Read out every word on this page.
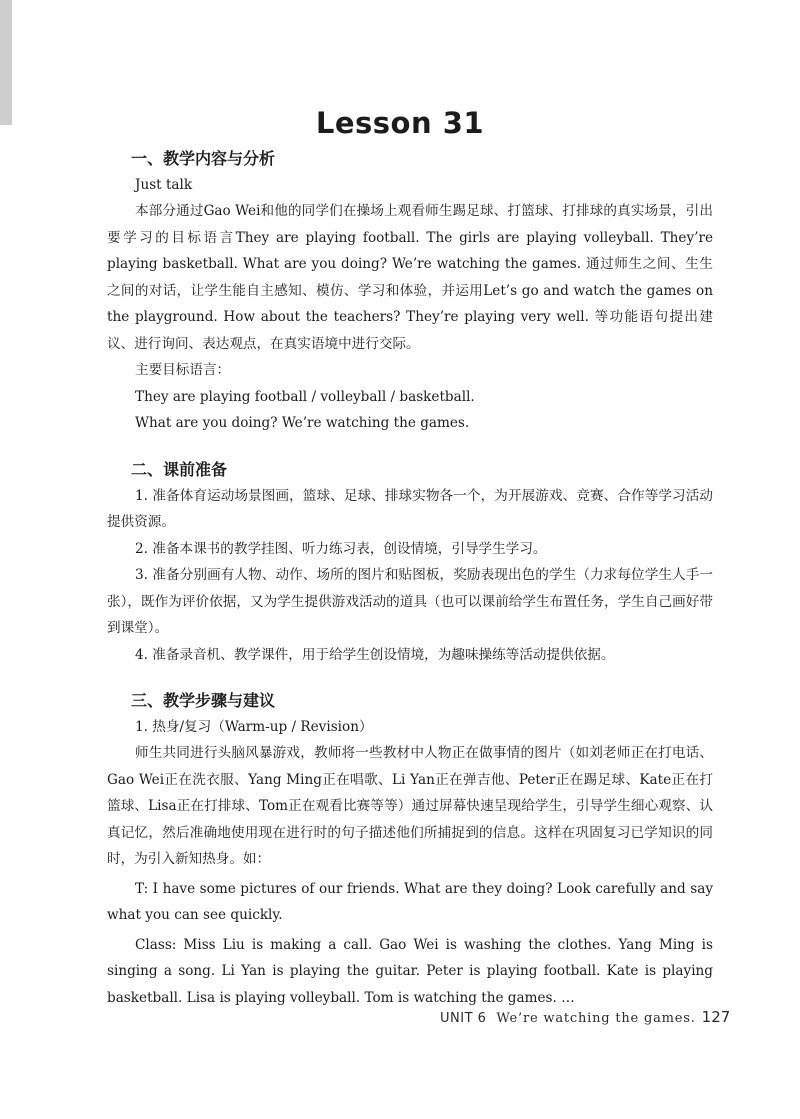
Lesson 31

一、教学内容与分析

Just talk

本部分通过Gao Wei和他的同学们在操场上观看师生踢足球、打篮球、打排球的真实场景，引出要学习的目标语言They are playing football. The girls are playing volleyball. They’re playing basketball. What are you doing? We’re watching the games. 通过师生之间、生生之间的对话，让学生能自主感知、模仿、学习和体验，并运用Let’s go and watch the games on the playground. How about the teachers? They’re playing very well. 等功能语句提出建议、进行询问、表达观点，在真实语境中进行交际。

主要目标语言：

They are playing football / volleyball / basketball.

What are you doing? We’re watching the games.

二、课前准备

1. 准备体育运动场景图画，篮球、足球、排球实物各一个，为开展游戏、竞赛、合作等学习活动提供资源。

2. 准备本课书的教学挂图、听力练习表，创设情境，引导学生学习。

3. 准备分别画有人物、动作、场所的图片和贴图板，奖励表现出色的学生（力求每位学生人手一张），既作为评价依据，又为学生提供游戏活动的道具（也可以课前给学生布置任务，学生自己画好带到课堂）。

4. 准备录音机、教学课件，用于给学生创设情境，为趣味操练等活动提供依据。

三、教学步骤与建议

1. 热身/复习（Warm-up / Revision）

师生共同进行头脑风暴游戏，教师将一些教材中人物正在做事情的图片（如刘老师正在打电话、Gao Wei正在洗衣服、Yang Ming正在唱歌、Li Yan正在弹吉他、Peter正在踢足球、Kate正在打篮球、Lisa正在打排球、Tom正在观看比赛等等）通过屏幕快速呈现给学生，引导学生细心观察、认真记忆，然后准确地使用现在进行时的句子描述他们所捕捉到的信息。这样在巩固复习已学知识的同时，为引入新知热身。如：

T: I have some pictures of our friends. What are they doing? Look carefully and say what you can see quickly.

Class: Miss Liu is making a call. Gao Wei is washing the clothes. Yang Ming is singing a song. Li Yan is playing the guitar. Peter is playing football. Kate is playing basketball. Lisa is playing volleyball. Tom is watching the games. …

UNIT 6 We’re watching the games. 127
